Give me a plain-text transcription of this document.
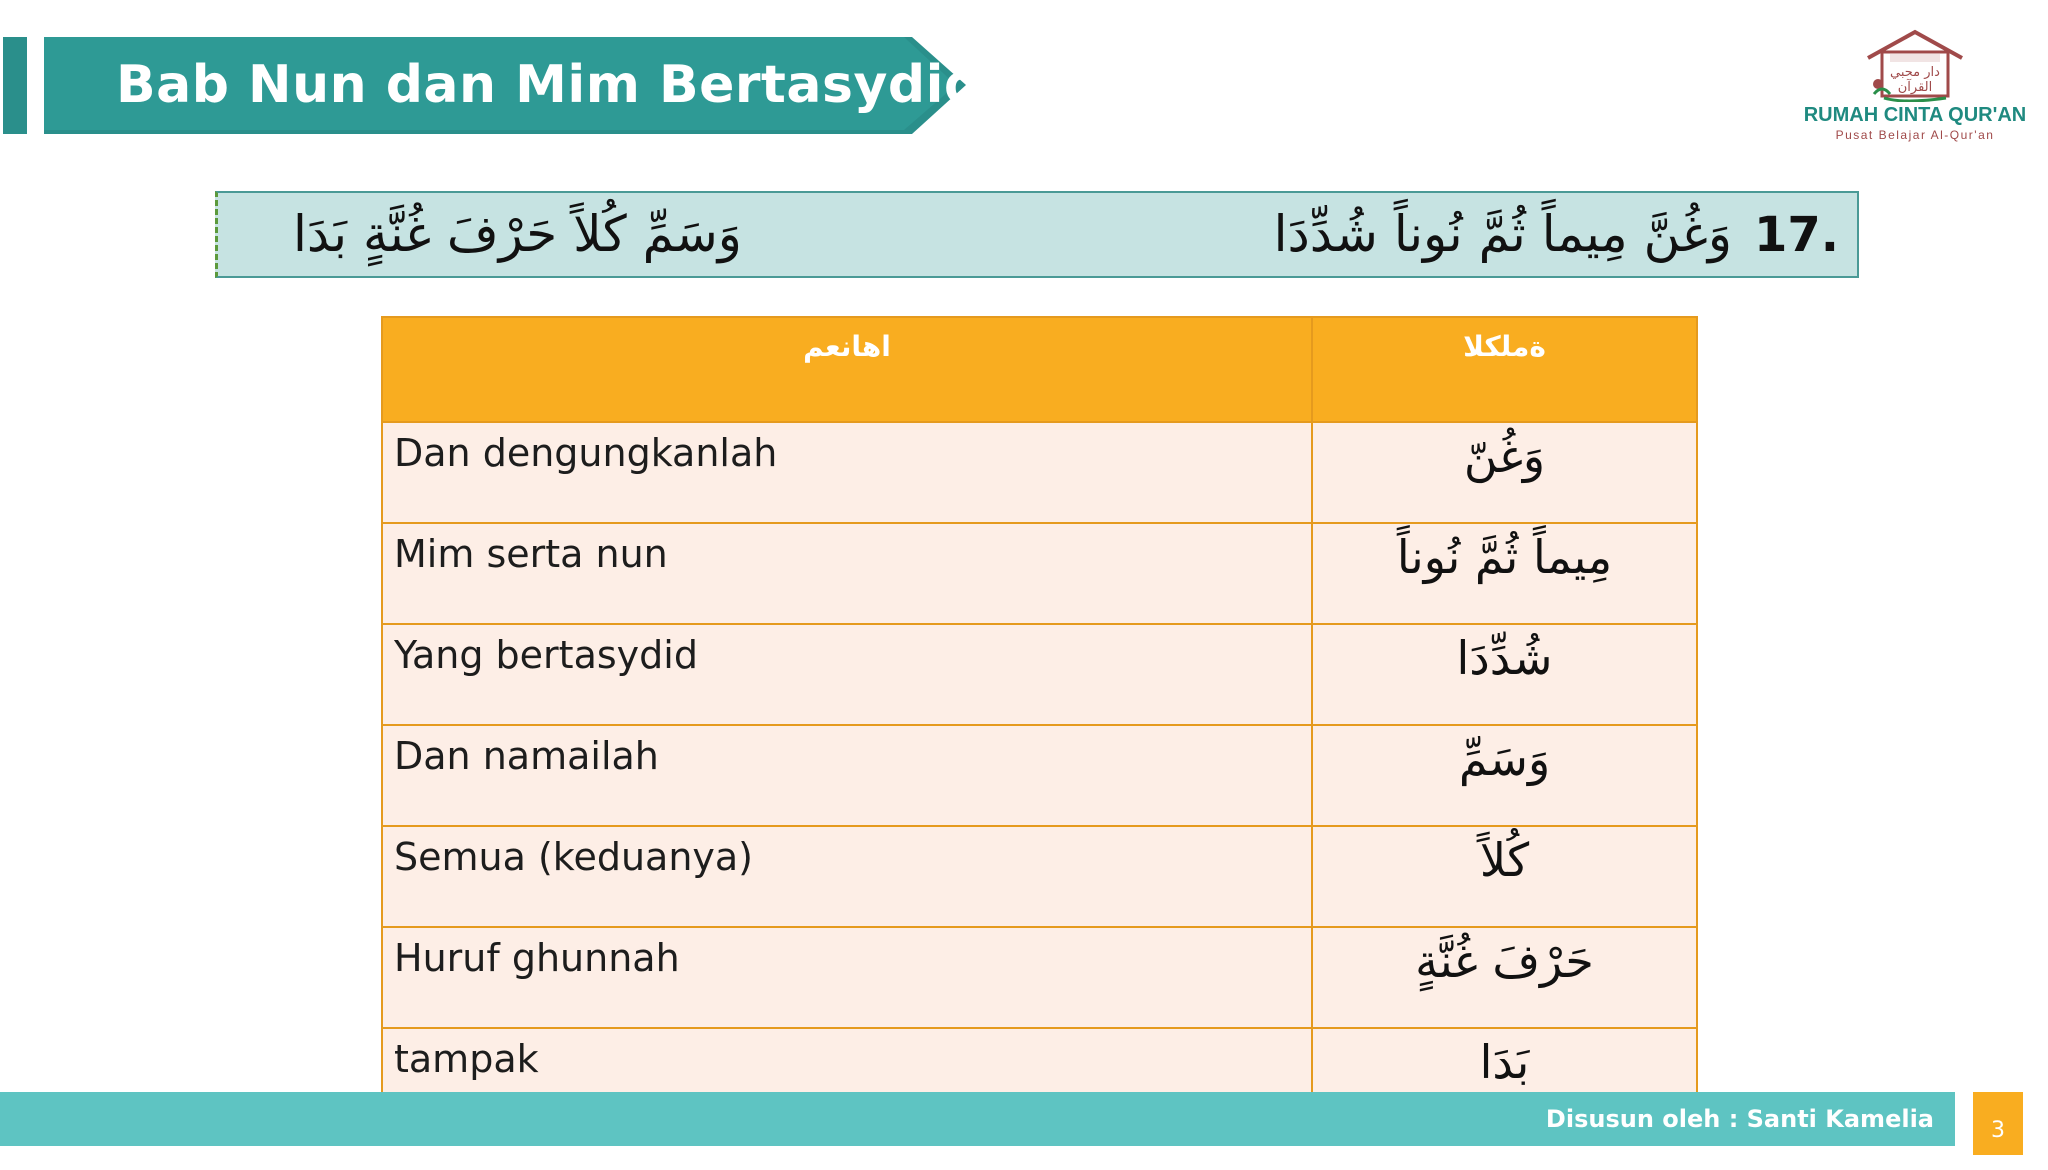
Bab Nun dan Mim Bertasydid	دار محبي
القرآن
RUMAH CINTA QUR'AN
Pusat Belajar Al-Qur'an
وَسَمِّ كُلاً حَرْفَ غُنَّةٍ بَدَا	وَغُنَّ مِيماً ثُمَّ نُوناً شُدِّدَا 17.
اهانعم	ةملكلا
Dan dengungkanlah	وَغُنّ
Mim serta nun	مِيماً ثُمَّ نُوناً
Yang bertasydid	شُدِّدَا
Dan namailah	وَسَمِّ
Semua (keduanya)	كُلاً
Huruf ghunnah	حَرْفَ غُنَّةٍ
tampak	بَدَا
Disusun oleh : Santi Kamelia	3
